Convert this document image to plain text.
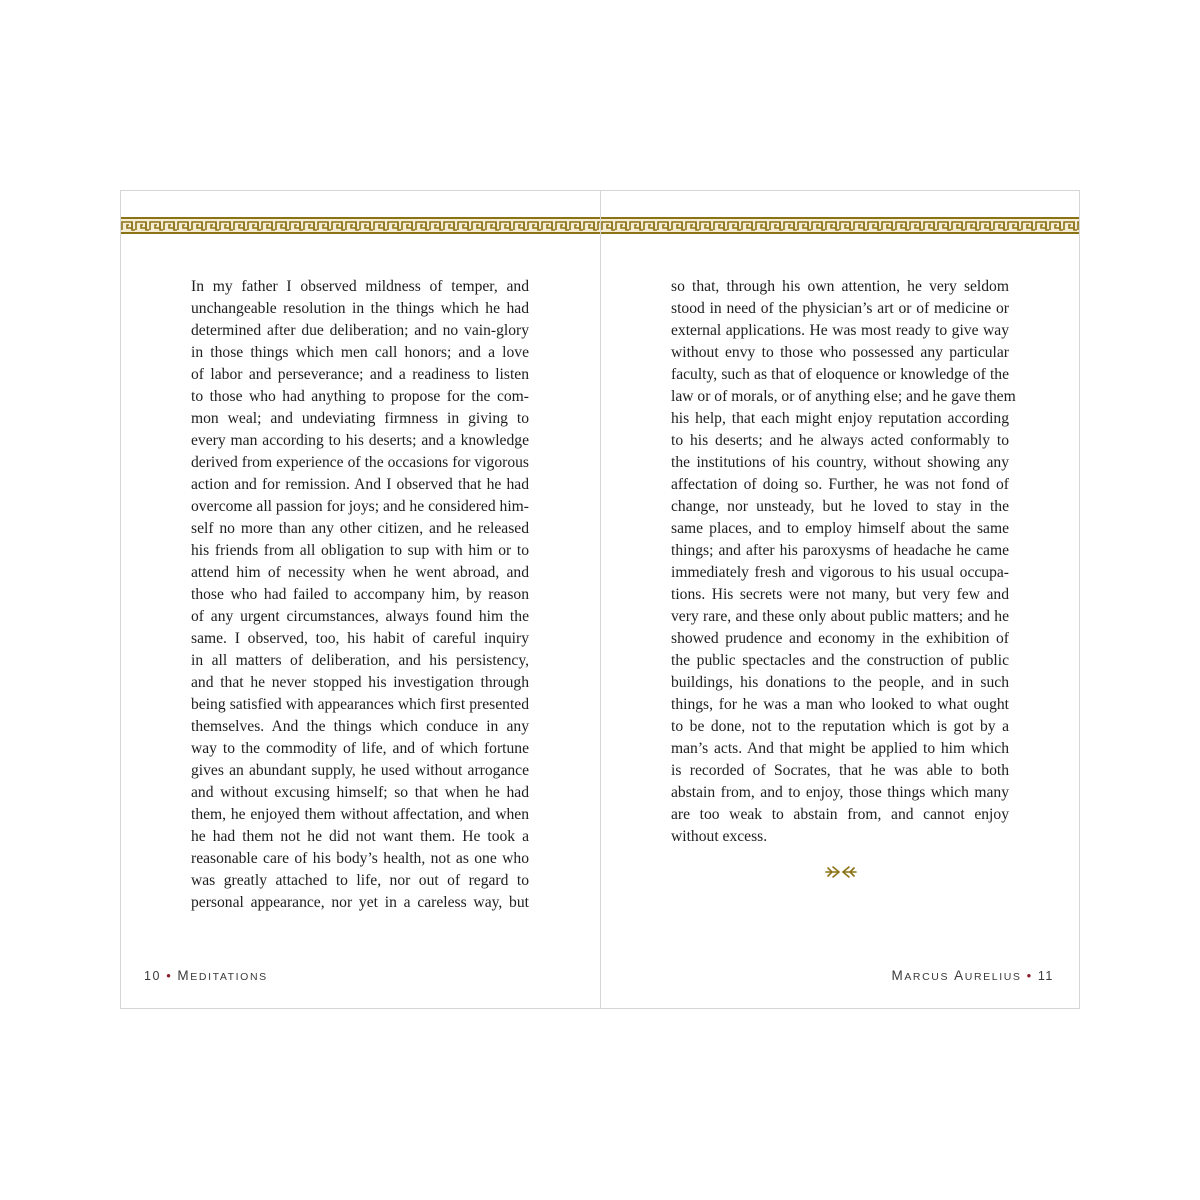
In my father I observed mildness of temper, and
unchangeable resolution in the things which he had
determined after due deliberation; and no vain-glory
in those things which men call honors; and a love
of labor and perseverance; and a readiness to listen
to those who had anything to propose for the com-
mon weal; and undeviating firmness in giving to
every man according to his deserts; and a knowledge
derived from experience of the occasions for vigorous
action and for remission. And I observed that he had
overcome all passion for joys; and he considered him-
self no more than any other citizen, and he released
his friends from all obligation to sup with him or to
attend him of necessity when he went abroad, and
those who had failed to accompany him, by reason
of any urgent circumstances, always found him the
same. I observed, too, his habit of careful inquiry
in all matters of deliberation, and his persistency,
and that he never stopped his investigation through
being satisfied with appearances which first presented
themselves. And the things which conduce in any
way to the commodity of life, and of which fortune
gives an abundant supply, he used without arrogance
and without excusing himself; so that when he had
them, he enjoyed them without affectation, and when
he had them not he did not want them. He took a
reasonable care of his body’s health, not as one who
was greatly attached to life, nor out of regard to
personal appearance, nor yet in a careless way, but
10 • MEDITATIONS
so that, through his own attention, he very seldom
stood in need of the physician’s art or of medicine or
external applications. He was most ready to give way
without envy to those who possessed any particular
faculty, such as that of eloquence or knowledge of the
law or of morals, or of anything else; and he gave them
his help, that each might enjoy reputation according
to his deserts; and he always acted conformably to
the institutions of his country, without showing any
affectation of doing so. Further, he was not fond of
change, nor unsteady, but he loved to stay in the
same places, and to employ himself about the same
things; and after his paroxysms of headache he came
immediately fresh and vigorous to his usual occupa-
tions. His secrets were not many, but very few and
very rare, and these only about public matters; and he
showed prudence and economy in the exhibition of
the public spectacles and the construction of public
buildings, his donations to the people, and in such
things, for he was a man who looked to what ought
to be done, not to the reputation which is got by a
man’s acts. And that might be applied to him which
is recorded of Socrates, that he was able to both
abstain from, and to enjoy, those things which many
are too weak to abstain from, and cannot enjoy
without excess.
MARCUS AURELIUS • 11
